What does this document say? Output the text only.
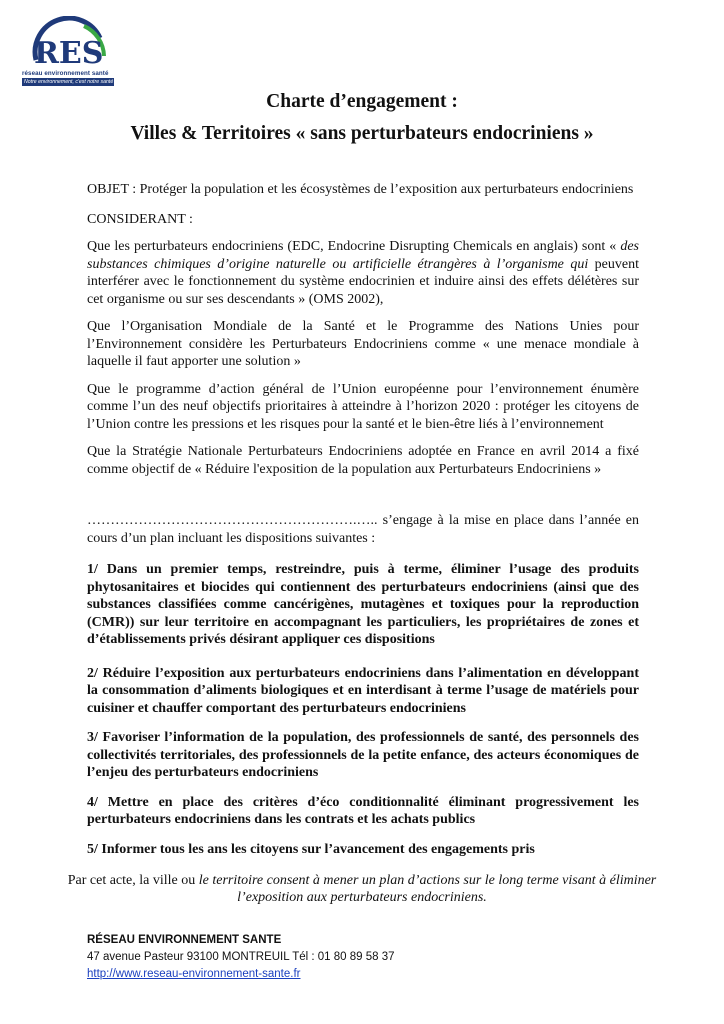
RES
réseau environnement santé
Notre environnement, c'est notre santé
Charte d’engagement :
Villes & Territoires « sans perturbateurs endocriniens »

OBJET : Protéger la population et les écosystèmes de l’exposition aux perturbateurs endocriniens

CONSIDERANT :

Que les perturbateurs endocriniens (EDC, Endocrine Disrupting Chemicals en anglais) sont « des substances chimiques d’origine naturelle ou artificielle étrangères à l’organisme qui peuvent interférer avec le fonctionnement du système endocrinien et induire ainsi des effets délétères sur cet organisme ou sur ses descendants » (OMS 2002),

Que l’Organisation Mondiale de la Santé et le Programme des Nations Unies pour l’Environnement considère les Perturbateurs Endocriniens comme « une menace mondiale à laquelle il faut apporter une solution »

Que le programme d’action général de l’Union européenne pour l’environnement énumère comme l’un des neuf objectifs prioritaires à atteindre à l’horizon 2020 : protéger les citoyens de l’Union contre les pressions et les risques pour la santé et le bien-être liés à l’environnement

Que la Stratégie Nationale Perturbateurs Endocriniens adoptée en France en avril 2014 a fixé comme objectif de « Réduire l'exposition de la population aux Perturbateurs Endocriniens »

………………………………………………….….. s’engage à la mise en place dans l’année en cours d’un plan incluant les dispositions suivantes :

1/ Dans un premier temps, restreindre, puis à terme, éliminer l’usage des produits phytosanitaires et biocides qui contiennent des perturbateurs endocriniens (ainsi que des substances classifiées comme cancérigènes, mutagènes et toxiques pour la reproduction (CMR)) sur leur territoire en accompagnant les particuliers, les propriétaires de zones et d’établissements privés désirant appliquer ces dispositions

2/ Réduire l’exposition aux perturbateurs endocriniens dans l’alimentation en développant la consommation d’aliments biologiques et en interdisant à terme l’usage de matériels pour cuisiner et chauffer comportant des perturbateurs endocriniens

3/ Favoriser l’information de la population, des professionnels de santé, des personnels des collectivités territoriales, des professionnels de la petite enfance, des acteurs économiques de l’enjeu des perturbateurs endocriniens

4/ Mettre en place des critères d’éco conditionnalité éliminant progressivement les perturbateurs endocriniens dans les contrats et les achats publics

5/ Informer tous les ans les citoyens sur l’avancement des engagements pris

Par cet acte, la ville ou le territoire consent à mener un plan d’actions sur le long terme visant à éliminer l’exposition aux perturbateurs endocriniens.
RÉSEAU ENVIRONNEMENT SANTE
47 avenue Pasteur 93100 MONTREUIL Tél : 01 80 89 58 37
http://www.reseau-environnement-sante.fr
